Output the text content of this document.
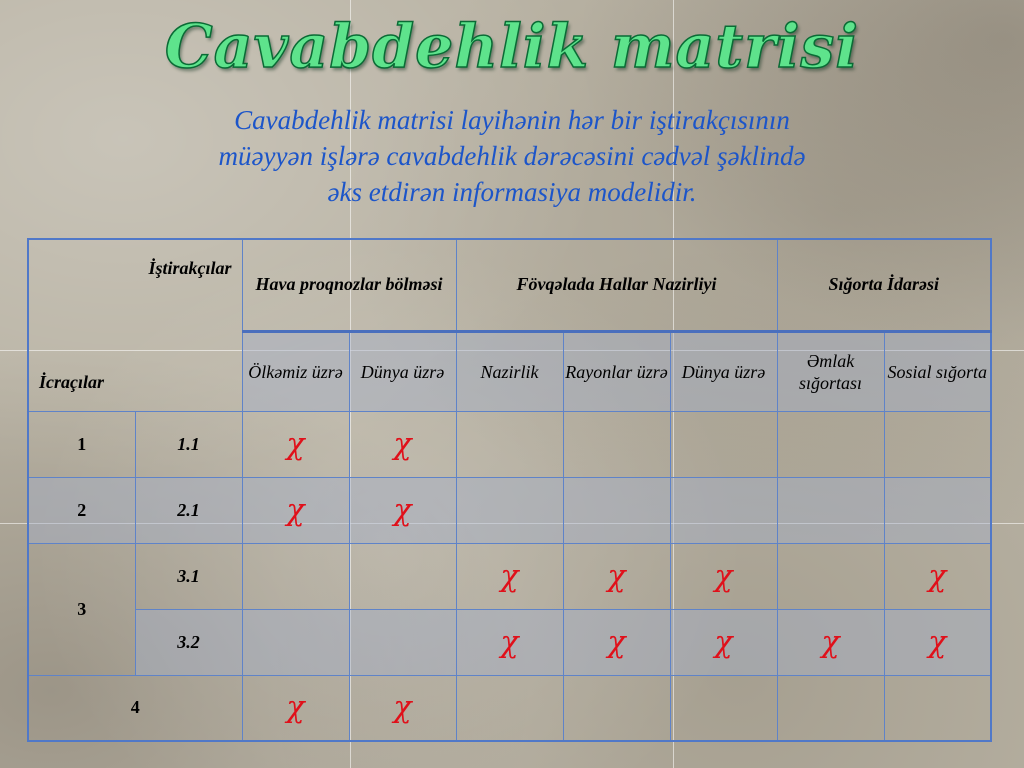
Cavabdehlik matrisi
Cavabdehlik matrisi layihənin hər bir iştirakçısının
müəyyən işlərə cavabdehlik dərəcəsini cədvəl şəklində
əks etdirən informasiya modelidir.
İştirakçılar
İcraçılar		Hava proqnozlar bölməsi		Fövqəlada Hallar Nazirliyi			Sığorta İdarəsi	
		Ölkəmiz üzrə	Dünya üzrə	Nazirlik	Rayonlar üzrə	Dünya üzrə	Əmlak sığortası	Sosial sığorta
1	1.1	χ	χ					
2	2.1	χ	χ					
3	3.1			χ	χ	χ		χ
	3.2			χ	χ	χ	χ	χ
4		χ	χ					
